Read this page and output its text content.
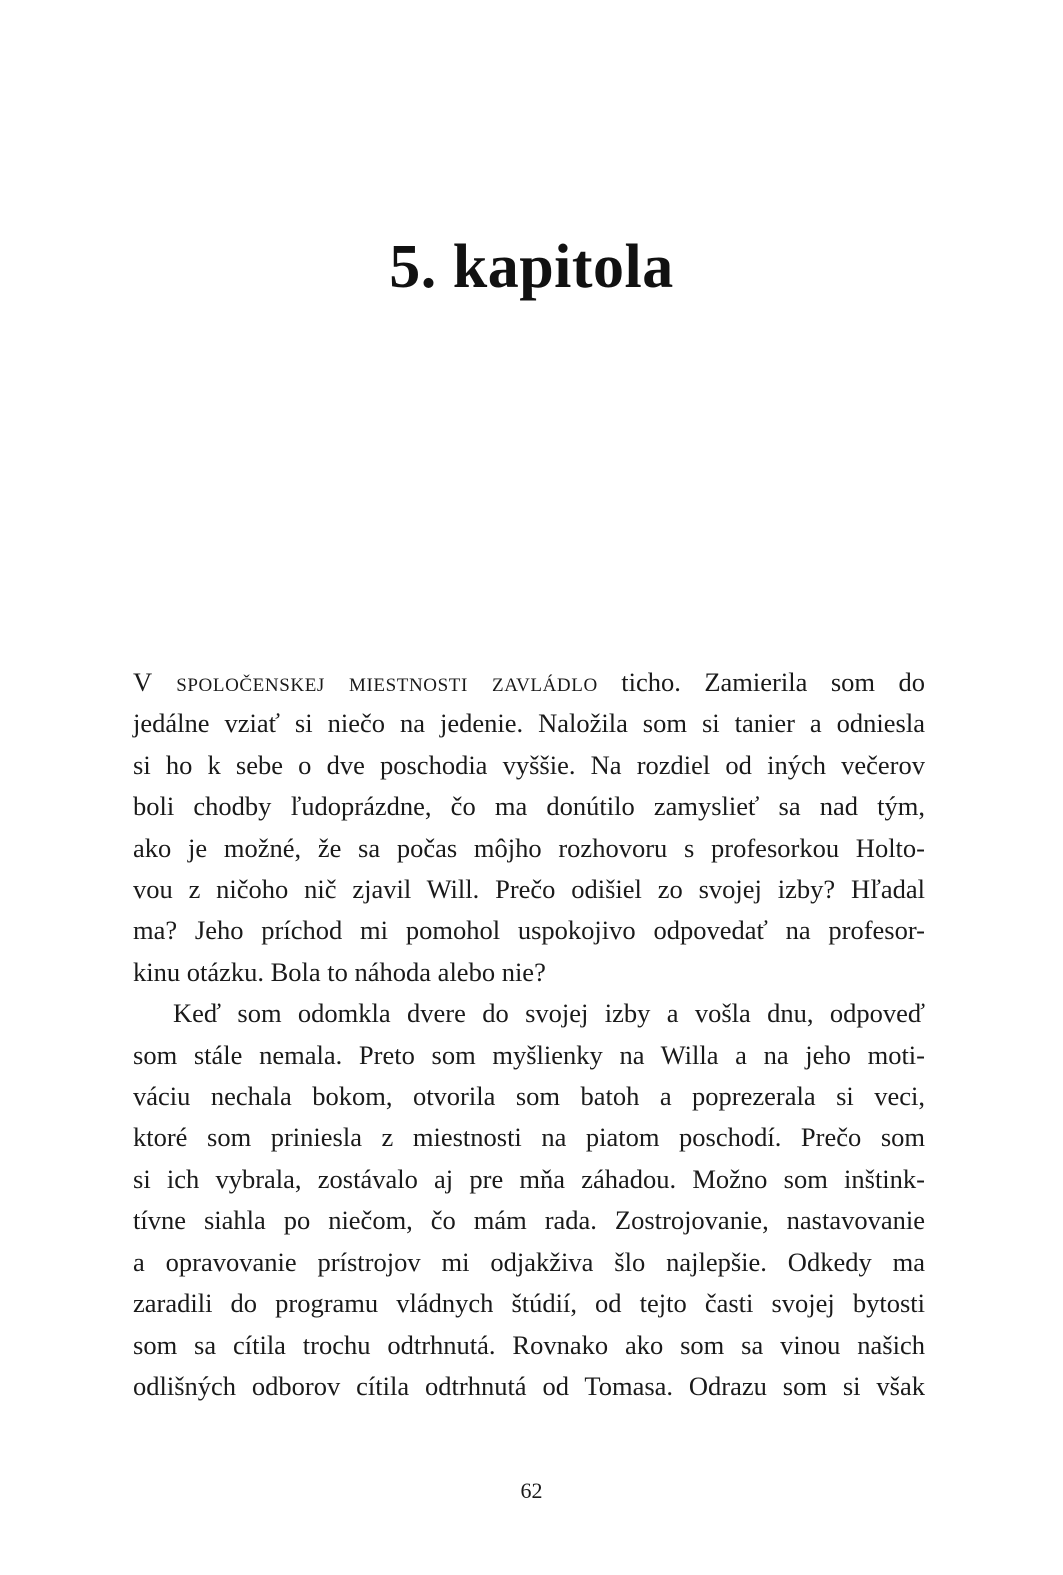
5. kapitola

V spoločenskej miestnosti zavládlo ticho. Zamierila som do
jedálne vziať si niečo na jedenie. Naložila som si tanier a odniesla
si ho k sebe o dve poschodia vyššie. Na rozdiel od iných večerov
boli chodby ľudoprázdne, čo ma donútilo zamyslieť sa nad tým,
ako je možné, že sa počas môjho rozhovoru s profesorkou Holto-
vou z ničoho nič zjavil Will. Prečo odišiel zo svojej izby? Hľadal
ma? Jeho príchod mi pomohol uspokojivo odpovedať na profesor-
kinu otázku. Bola to náhoda alebo nie?

Keď som odomkla dvere do svojej izby a vošla dnu, odpoveď
som stále nemala. Preto som myšlienky na Willa a na jeho moti-
váciu nechala bokom, otvorila som batoh a poprezerala si veci,
ktoré som priniesla z miestnosti na piatom poschodí. Prečo som
si ich vybrala, zostávalo aj pre mňa záhadou. Možno som inštink-
tívne siahla po niečom, čo mám rada. Zostrojovanie, nastavovanie
a opravovanie prístrojov mi odjakživa šlo najlepšie. Odkedy ma
zaradili do programu vládnych štúdií, od tejto časti svojej bytosti
som sa cítila trochu odtrhnutá. Rovnako ako som sa vinou našich
odlišných odborov cítila odtrhnutá od Tomasa. Odrazu som si však

62
